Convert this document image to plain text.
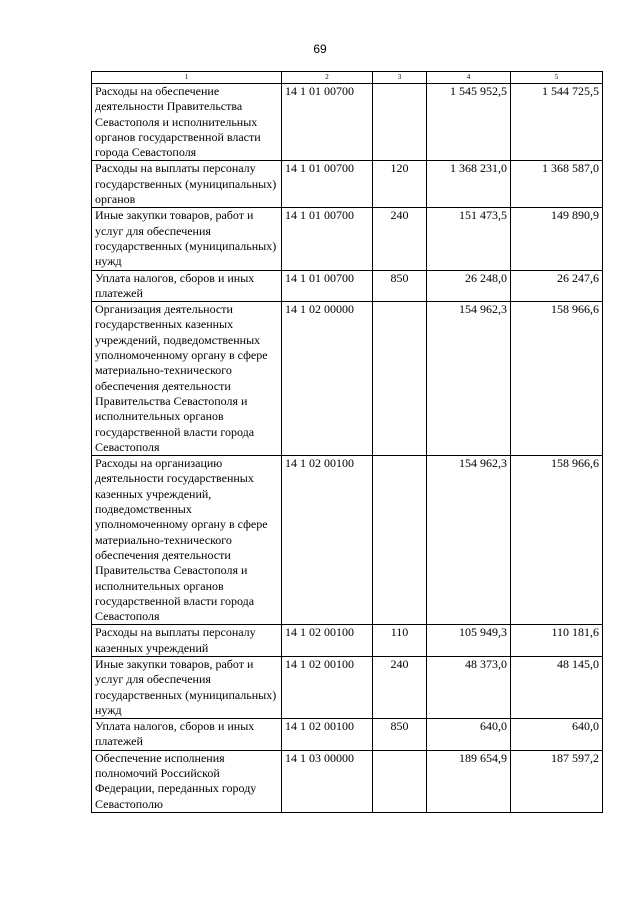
69
1	2	3	4	5
Расходы на обеспечение деятельности Правительства Севастополя и исполнительных органов государственной власти города Севастополя	14 1 01 00700		1 545 952,5	1 544 725,5
Расходы на выплаты персоналу государственных (муниципальных) органов	14 1 01 00700	120	1 368 231,0	1 368 587,0
Иные закупки товаров, работ и услуг для обеспечения государственных (муниципальных) нужд	14 1 01 00700	240	151 473,5	149 890,9
Уплата налогов, сборов и иных платежей	14 1 01 00700	850	26 248,0	26 247,6
Организация деятельности государственных казенных учреждений, подведомственных уполномоченному органу в сфере материально-технического обеспечения деятельности Правительства Севастополя и исполнительных органов государственной власти города Севастополя	14 1 02 00000		154 962,3	158 966,6
Расходы на организацию деятельности государственных казенных учреждений, подведомственных уполномоченному органу в сфере материально-технического обеспечения деятельности Правительства Севастополя и исполнительных органов государственной власти города Севастополя	14 1 02 00100		154 962,3	158 966,6
Расходы на выплаты персоналу казенных учреждений	14 1 02 00100	110	105 949,3	110 181,6
Иные закупки товаров, работ и услуг для обеспечения государственных (муниципальных) нужд	14 1 02 00100	240	48 373,0	48 145,0
Уплата налогов, сборов и иных платежей	14 1 02 00100	850	640,0	640,0
Обеспечение исполнения полномочий Российской Федерации, переданных городу Севастополю	14 1 03 00000		189 654,9	187 597,2
